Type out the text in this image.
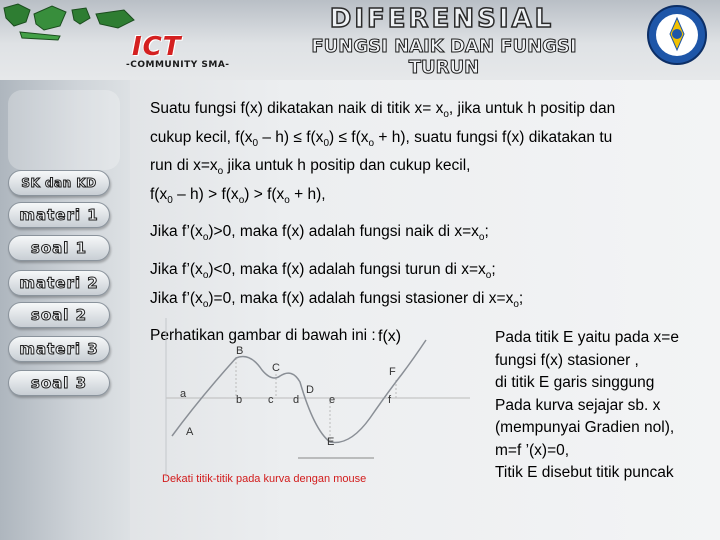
ICT
-COMMUNITY SMA-
DIFERENSIAL
FUNGSI NAIK DAN FUNGSI TURUN
SK dan KD
materi 1
soal 1
materi 2
soal 2
materi 3
soal 3
Suatu fungsi f(x) dikatakan naik di titik $x= x_o$, jika untuk h positip dan
cukup kecil, $f(x_0 - h) \le f(x_0) \le f(x_o + h)$, suatu fungsi f(x) dikatakan tu
run di $x=x_o$ jika untuk h positip dan cukup kecil,
$f(x_0 - h) > f(x_o) > f(x_o + h)$,
Jika $f’(x_o)>0$, maka f(x) adalah fungsi naik di $x=x_o$;
Jika $f’(x_o)<0$, maka f(x) adalah fungsi turun di $x=x_o$;
Jika $f’(x_o)=0$, maka f(x) adalah fungsi stasioner di $x=x_o$;
Perhatikan gambar di bawah ini : f(x)
B
C	F
a	b c d
D
e	f
A
E
Dekati titik-titik pada kurva dengan mouse
Pada titik E yaitu pada x=e
fungsi f(x) stasioner ,
di titik E garis singgung
Pada kurva sejajar sb. x
(mempunyai Gradien nol),
m=f ’(x)=0,
Titik E disebut titik puncak
